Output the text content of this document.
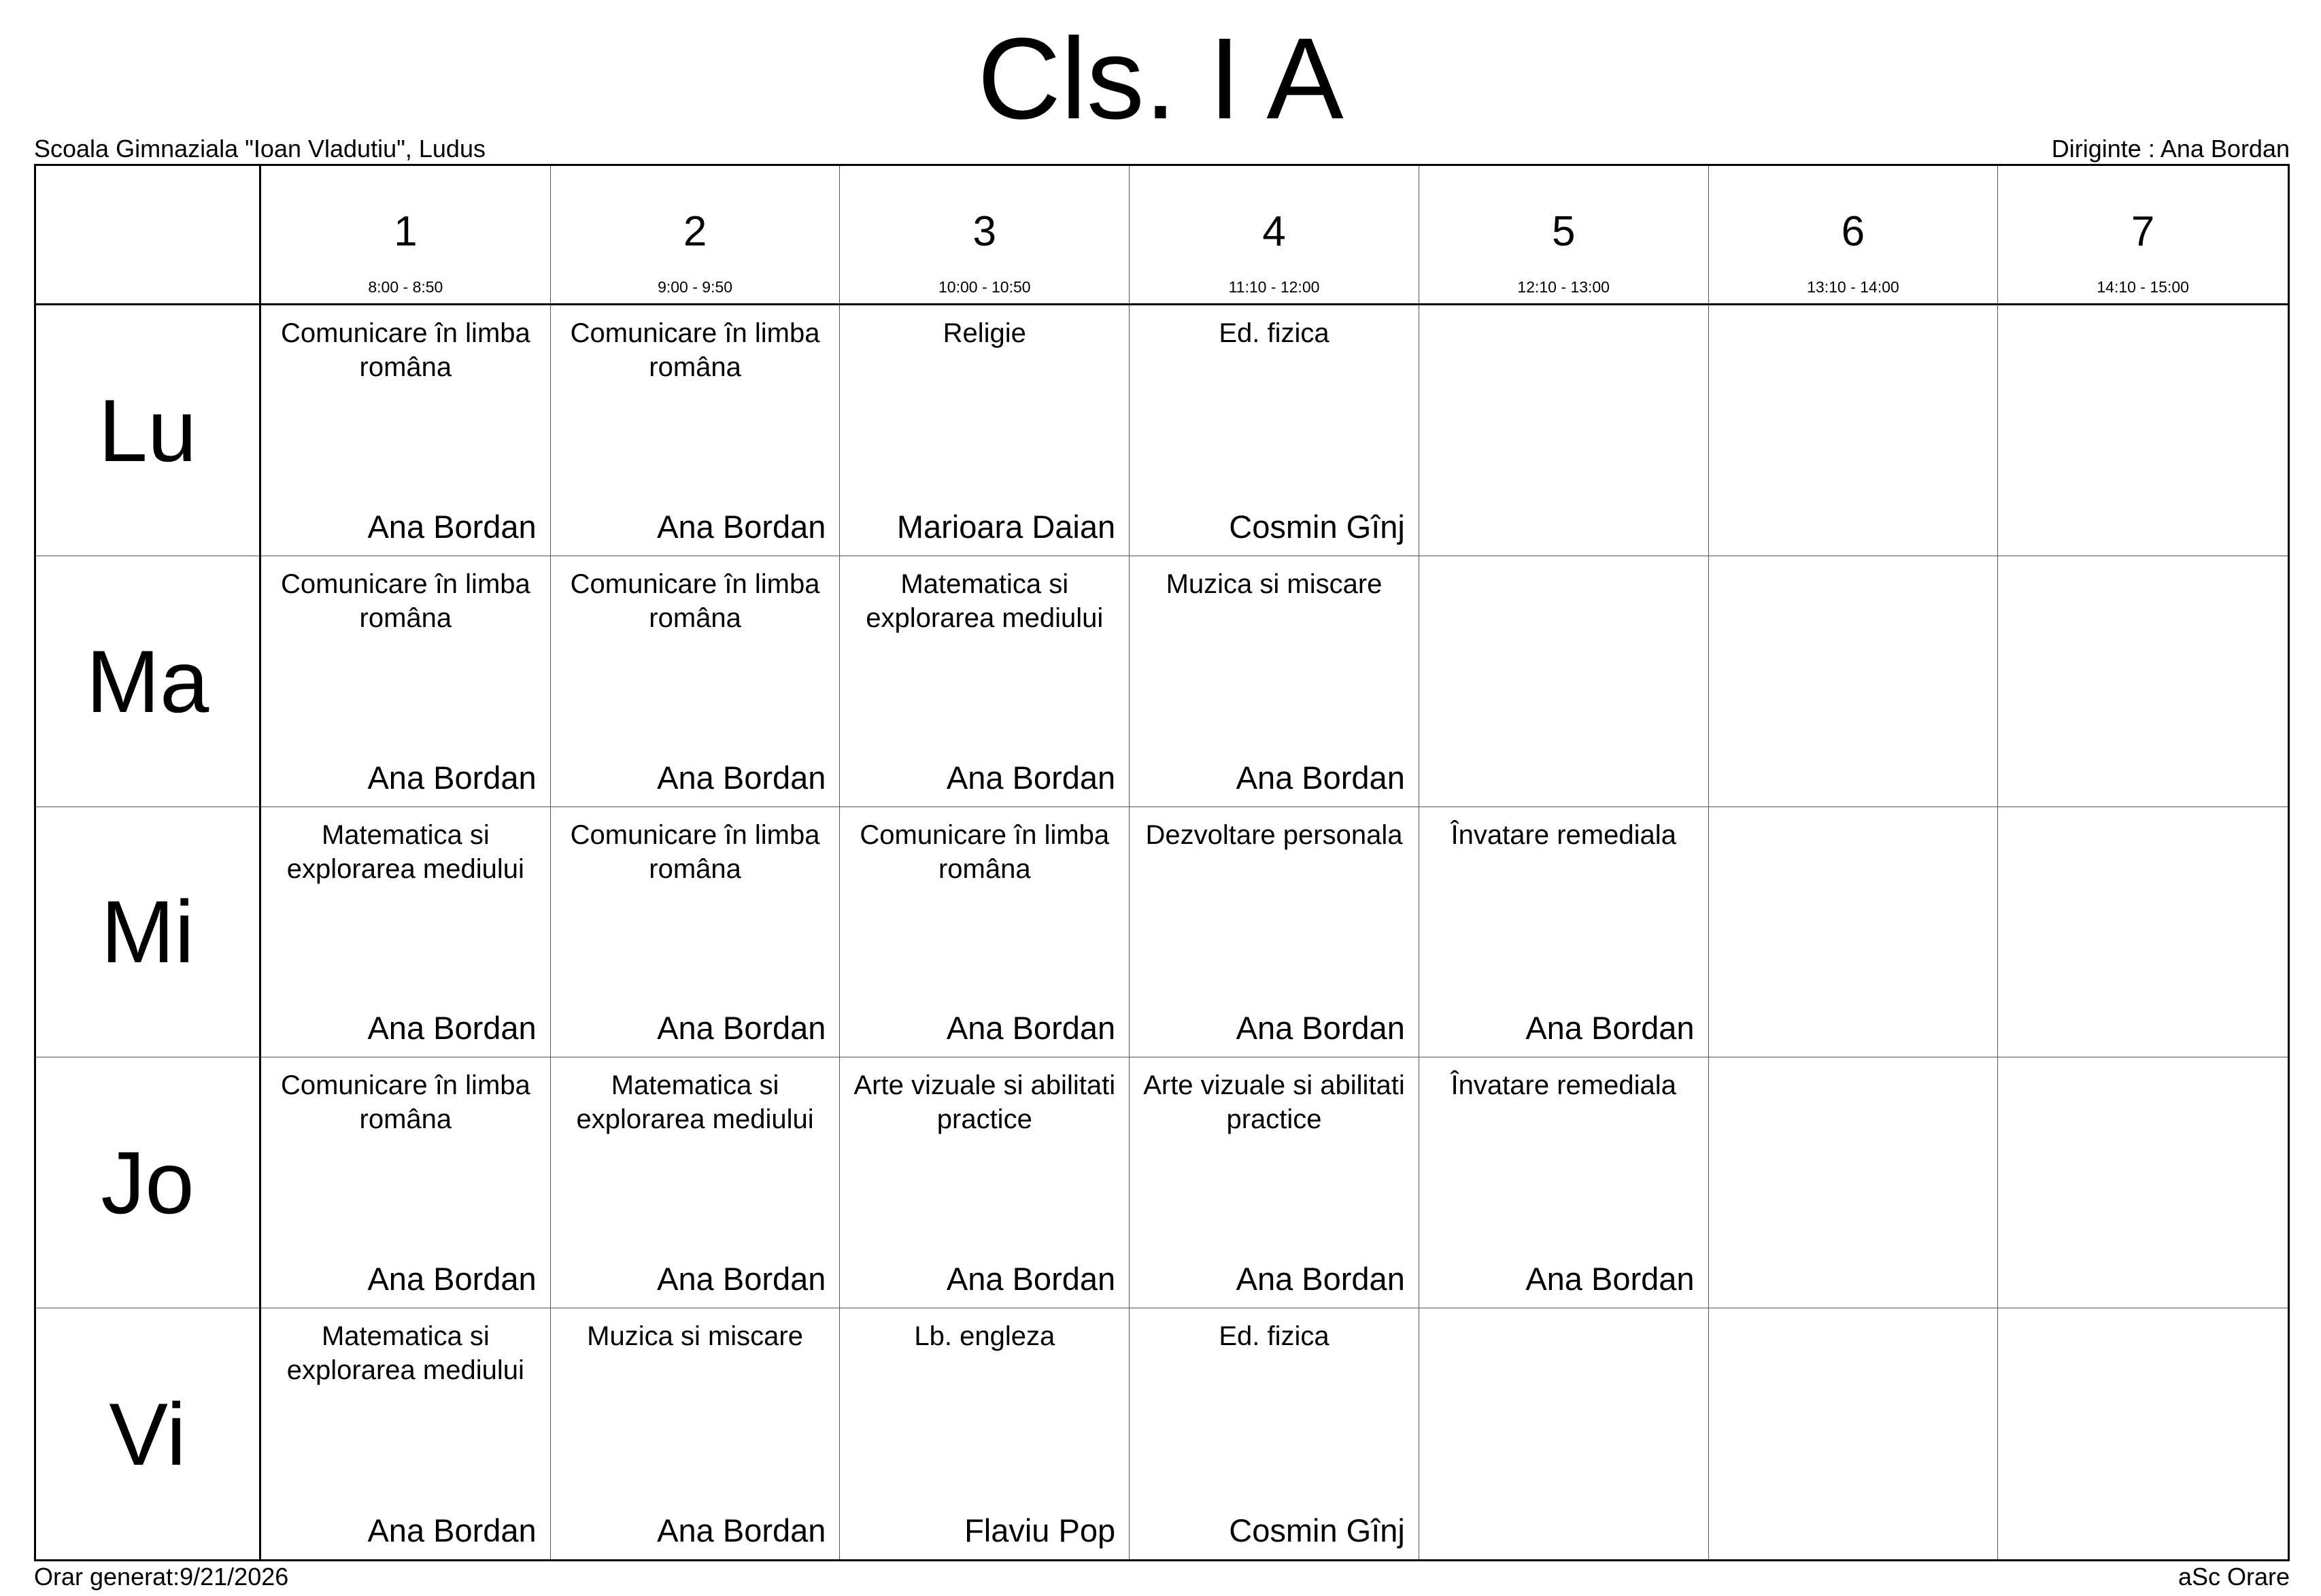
Cls. I A
Scoala Gimnaziala "Ioan Vladutiu", Ludus	Diriginte : Ana Bordan
1
8:00 - 8:50
2
9:00 - 9:50
3
10:00 - 10:50
4
11:10 - 12:00
5
12:10 - 13:00
6
13:10 - 14:00
7
14:10 - 15:00
Lu
Comunicare în limba
româna
Ana Bordan
Comunicare în limba
româna
Ana Bordan
Religie
Marioara Daian
Ed. fizica
Cosmin Gînj
Ma
Comunicare în limba
româna
Ana Bordan
Comunicare în limba
româna
Ana Bordan
Matematica si
explorarea mediului
Ana Bordan
Muzica si miscare
Ana Bordan
Mi
Matematica si
explorarea mediului
Ana Bordan
Comunicare în limba
româna
Ana Bordan
Comunicare în limba
româna
Ana Bordan
Dezvoltare personala
Ana Bordan
Învatare remediala
Ana Bordan
Jo
Comunicare în limba
româna
Ana Bordan
Matematica si
explorarea mediului
Ana Bordan
Arte vizuale si abilitati
practice
Ana Bordan
Arte vizuale si abilitati
practice
Ana Bordan
Învatare remediala
Ana Bordan
Vi
Matematica si
explorarea mediului
Ana Bordan
Muzica si miscare
Ana Bordan
Lb. engleza
Flaviu Pop
Ed. fizica
Cosmin Gînj
Orar generat:9/21/2026	aSc Orare
